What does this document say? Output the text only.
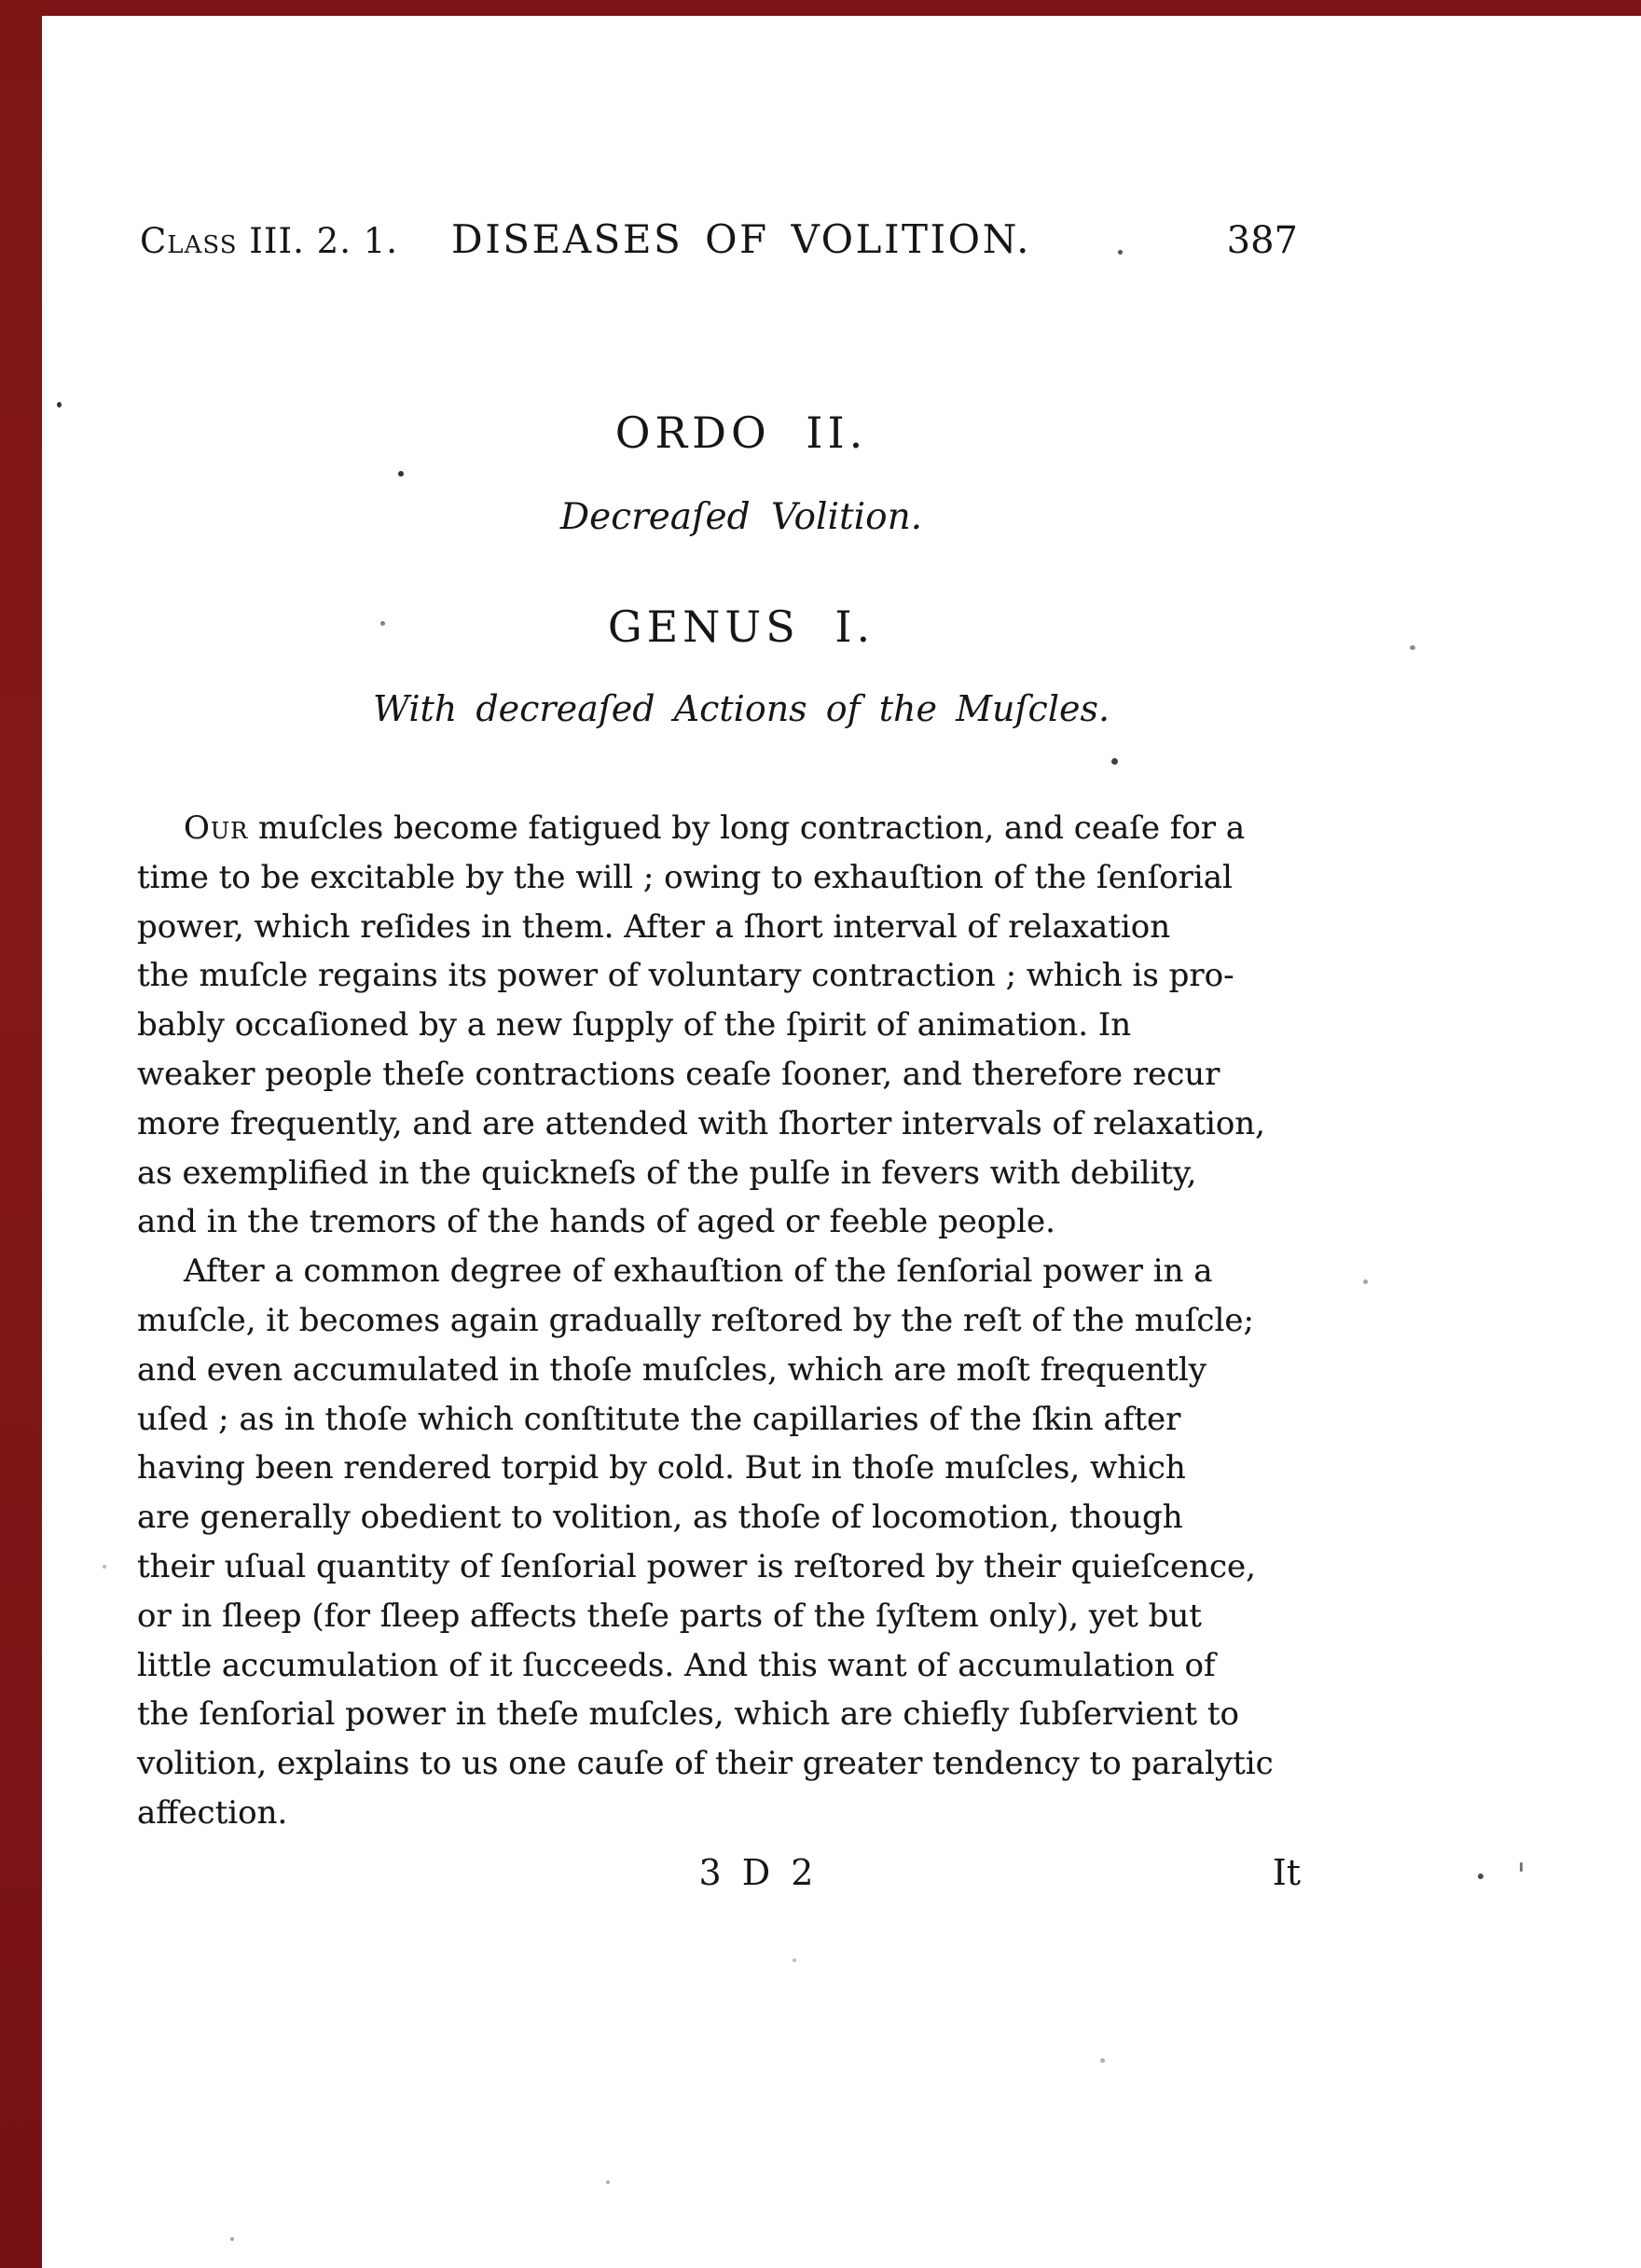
Class III. 2. 1. DISEASES OF VOLITION.	387
ORDO II.
Decreaſed Volition.
GENUS I.
With decreaſed Actions of the Muſcles.
Our muſcles become fatigued by long contraction, and ceaſe for a
time to be excitable by the will ; owing to exhauſtion of the ſenſorial
power, which reſides in them. After a ſhort interval of relaxation
the muſcle regains its power of voluntary contraction ; which is pro-
bably occaſioned by a new ſupply of the ſpirit of animation. In
weaker people theſe contractions ceaſe ſooner, and therefore recur
more frequently, and are attended with ſhorter intervals of relaxation,
as exemplified in the quickneſs of the pulſe in fevers with debility,
and in the tremors of the hands of aged or feeble people.
After a common degree of exhauſtion of the ſenſorial power in a
muſcle, it becomes again gradually reſtored by the reſt of the muſcle;
and even accumulated in thoſe muſcles, which are moſt frequently
uſed ; as in thoſe which conſtitute the capillaries of the ſkin after
having been rendered torpid by cold. But in thoſe muſcles, which
are generally obedient to volition, as thoſe of locomotion, though
their uſual quantity of ſenſorial power is reſtored by their quieſcence,
or in ſleep (for ſleep affects theſe parts of the ſyſtem only), yet but
little accumulation of it ſucceeds. And this want of accumulation of
the ſenſorial power in theſe muſcles, which are chiefly ſubſervient to
volition, explains to us one cauſe of their greater tendency to paralytic
affection.
3 D 2	It
